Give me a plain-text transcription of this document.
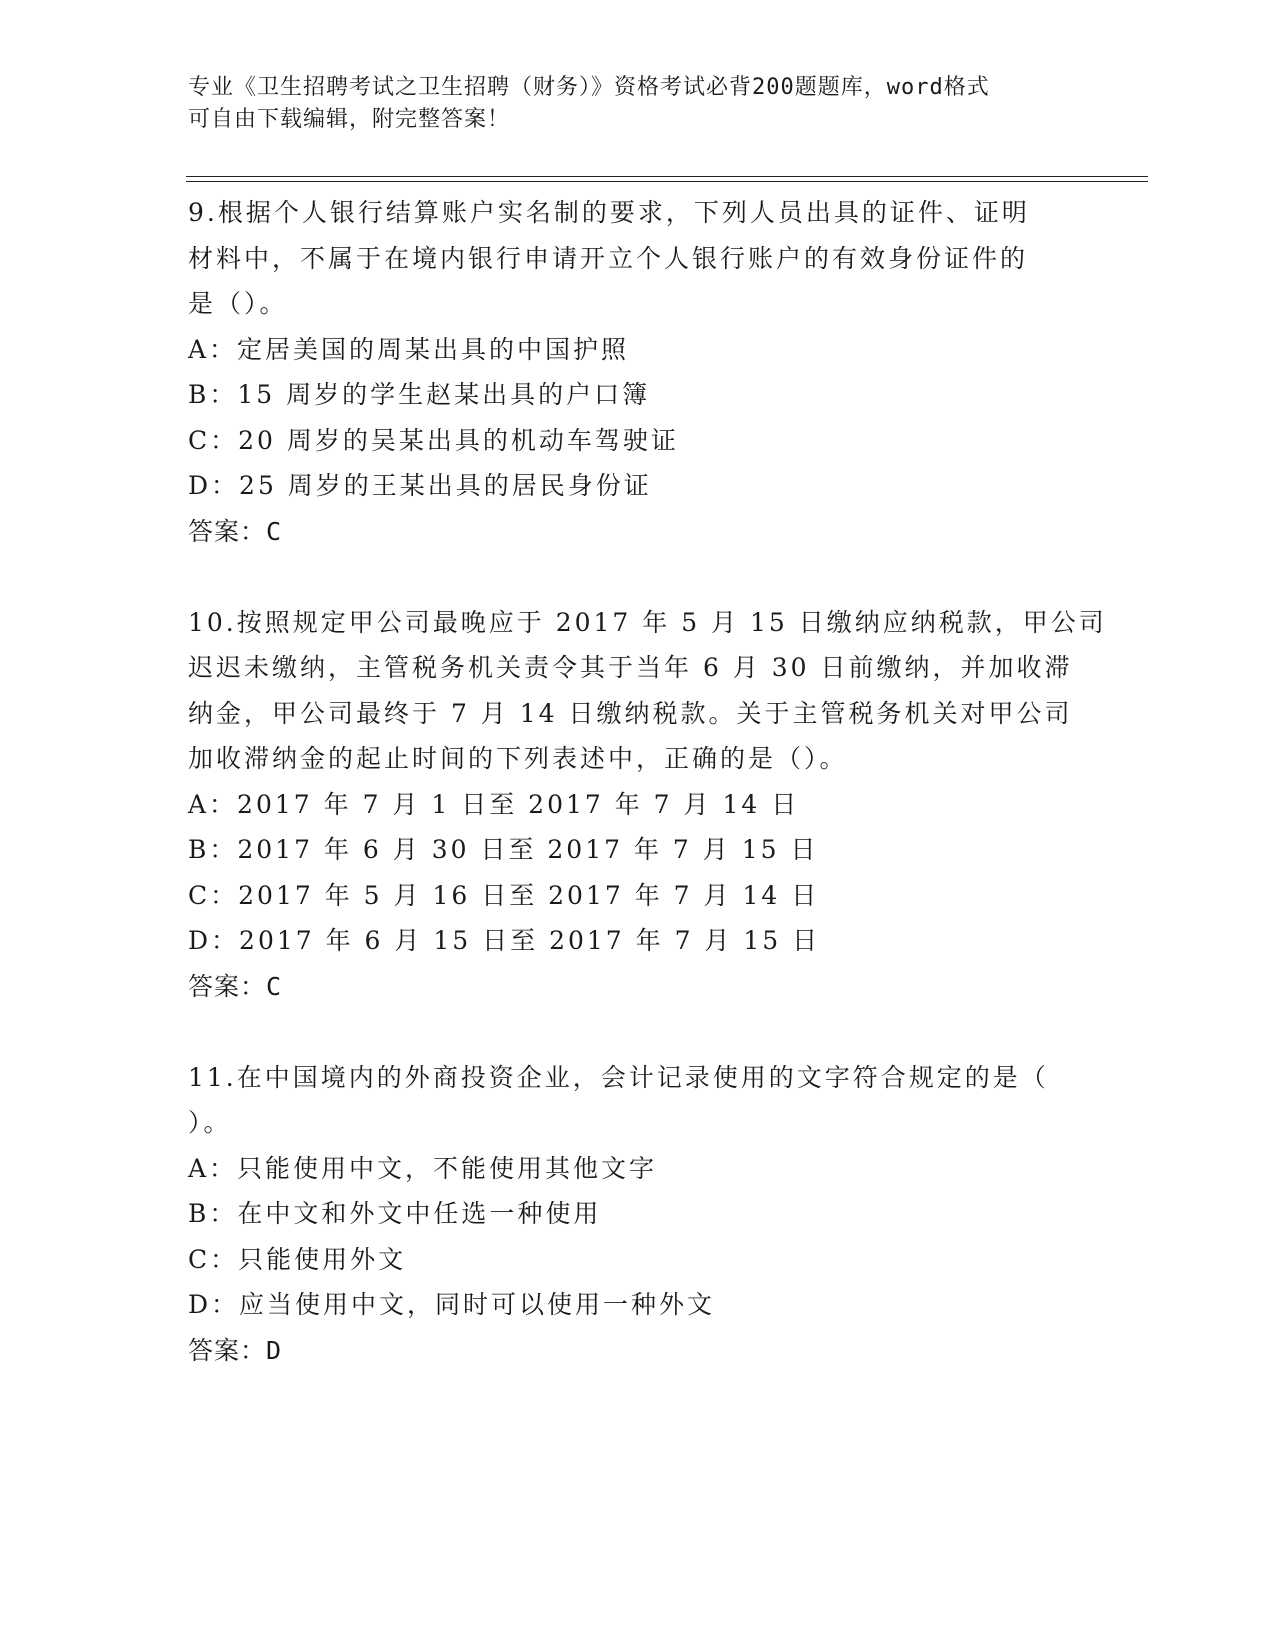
专业《卫生招聘考试之卫生招聘（财务）》资格考试必背200题题库，word格式
可自由下载编辑，附完整答案！
9.根据个人银行结算账户实名制的要求，下列人员出具的证件、证明
材料中，不属于在境内银行申请开立个人银行账户的有效身份证件的
是（）。
A：定居美国的周某出具的中国护照
B：15 周岁的学生赵某出具的户口簿
C：20 周岁的吴某出具的机动车驾驶证
D：25 周岁的王某出具的居民身份证
答案：C
10.按照规定甲公司最晚应于 2017 年 5 月 15 日缴纳应纳税款，甲公司
迟迟未缴纳，主管税务机关责令其于当年 6 月 30 日前缴纳，并加收滞
纳金，甲公司最终于 7 月 14 日缴纳税款。关于主管税务机关对甲公司
加收滞纳金的起止时间的下列表述中，正确的是（）。
A：2017 年 7 月 1 日至 2017 年 7 月 14 日
B：2017 年 6 月 30 日至 2017 年 7 月 15 日
C：2017 年 5 月 16 日至 2017 年 7 月 14 日
D：2017 年 6 月 15 日至 2017 年 7 月 15 日
答案：C
11.在中国境内的外商投资企业，会计记录使用的文字符合规定的是（
）。
A：只能使用中文，不能使用其他文字
B：在中文和外文中任选一种使用
C：只能使用外文
D：应当使用中文，同时可以使用一种外文
答案：D
